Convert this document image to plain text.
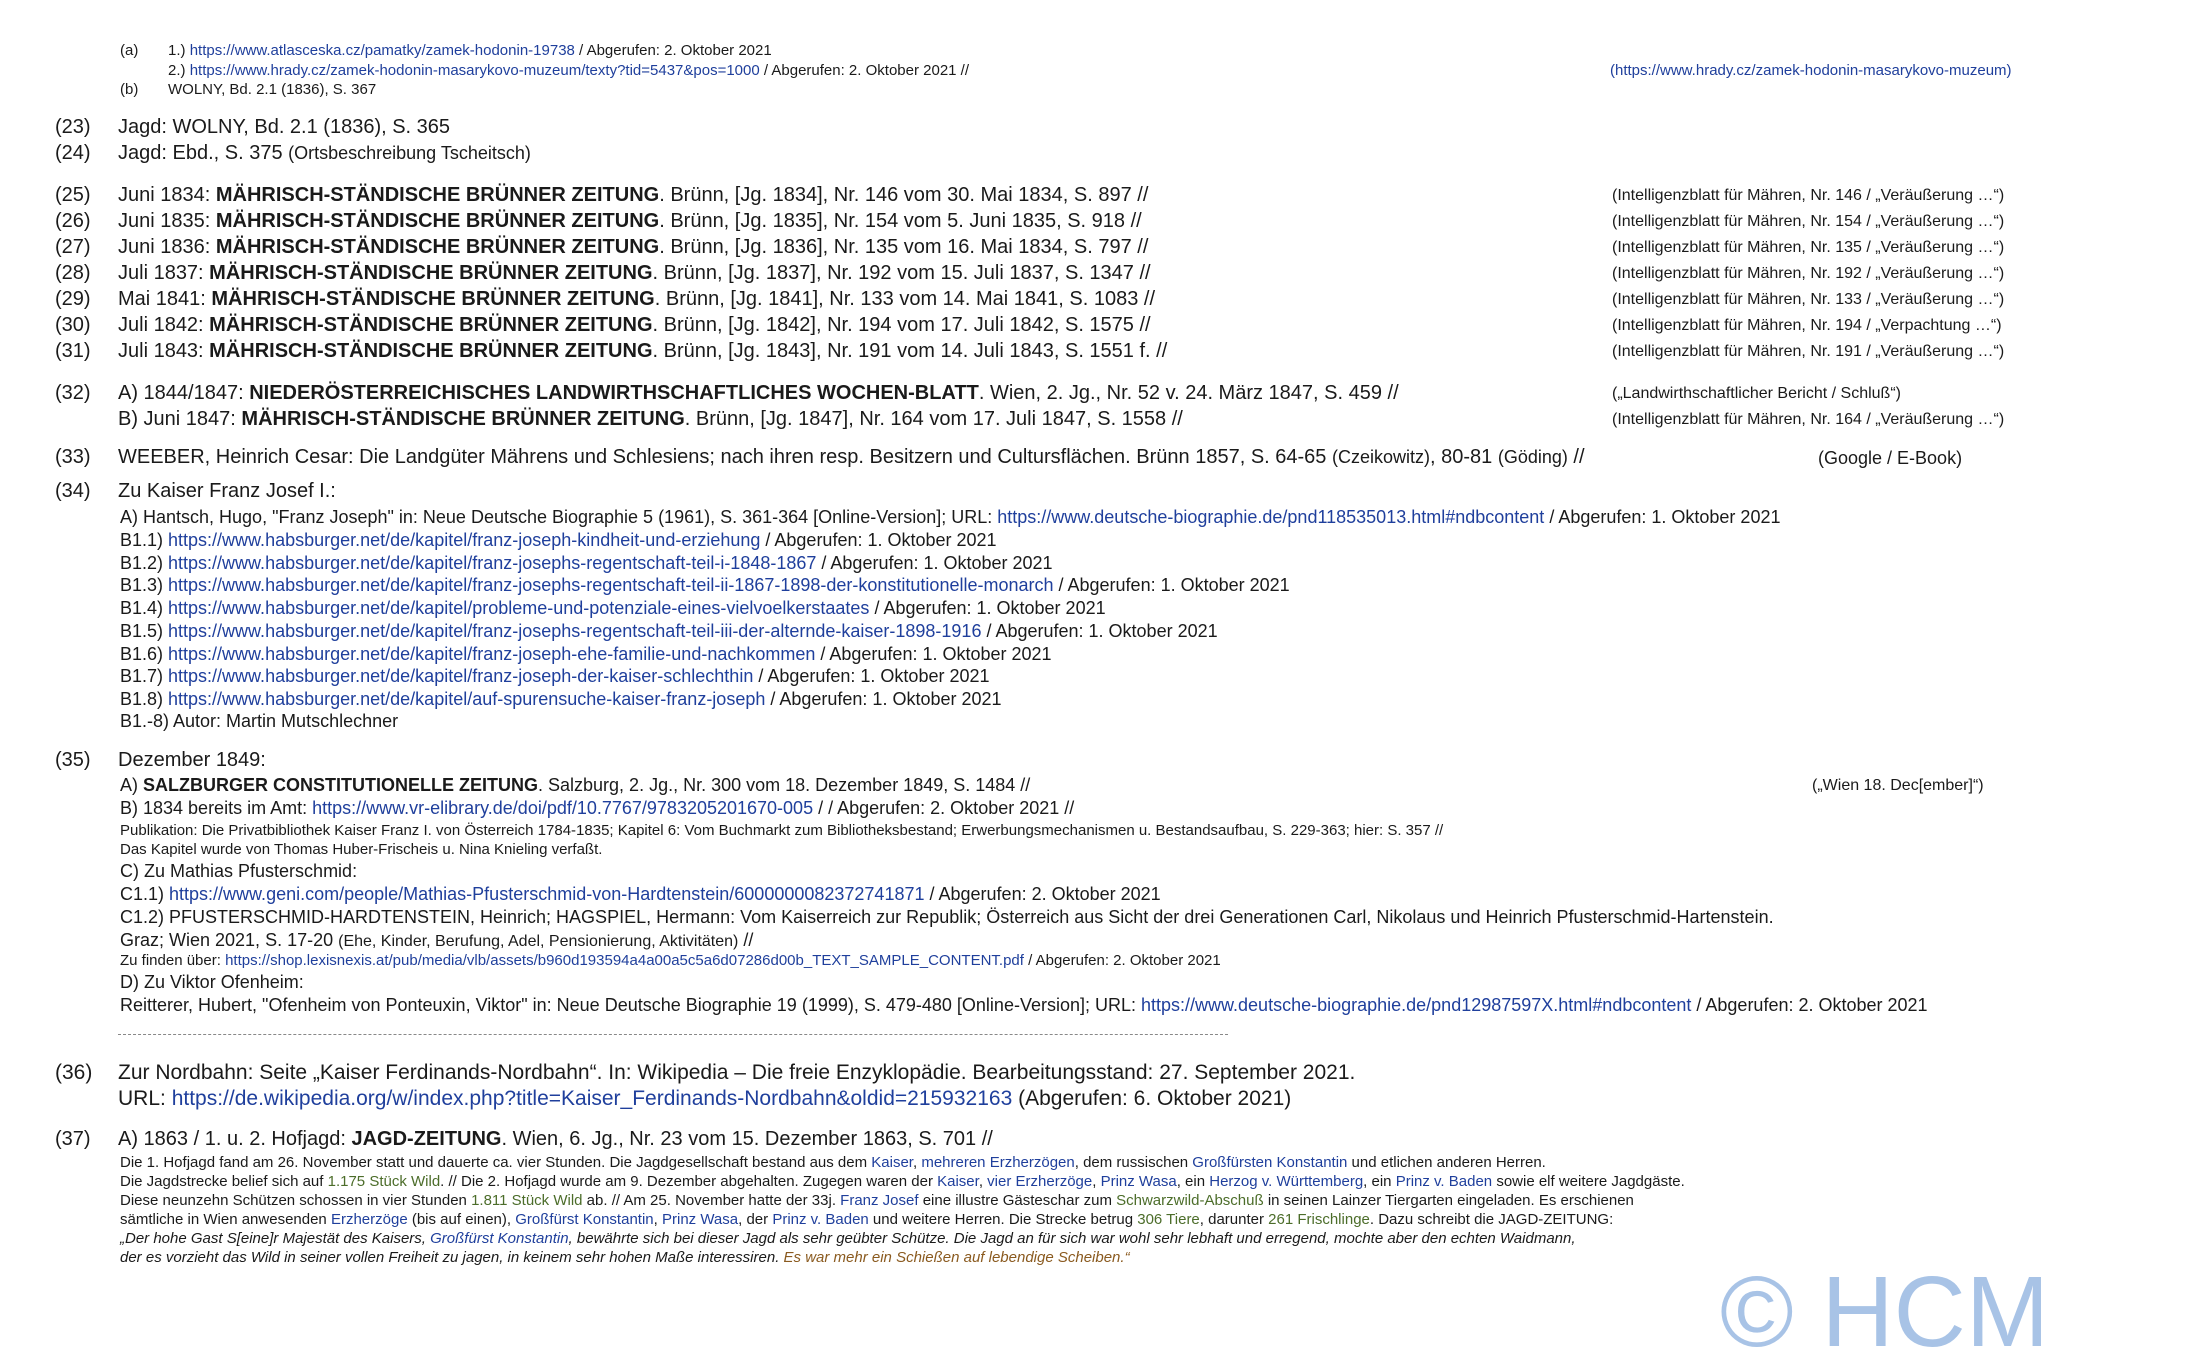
(a) 1.) https://www.atlasceska.cz/pamatky/zamek-hodonin-19738 / Abgerufen: 2. Oktober 2021
2.) https://www.hrady.cz/zamek-hodonin-masarykovo-muzeum/texty?tid=5437&pos=1000 / Abgerufen: 2. Oktober 2021 //	(https://www.hrady.cz/zamek-hodonin-masarykovo-muzeum)
(b) WOLNY, Bd. 2.1 (1836), S. 367
(23) Jagd: WOLNY, Bd. 2.1 (1836), S. 365
(24) Jagd: Ebd., S. 375 (Ortsbeschreibung Tscheitsch)
(25) Juni 1834: MÄHRISCH-STÄNDISCHE BRÜNNER ZEITUNG. Brünn, [Jg. 1834], Nr. 146 vom 30. Mai 1834, S. 897 //	(Intelligenzblatt für Mähren, Nr. 146 / „Veräußerung …“)
(26) Juni 1835: MÄHRISCH-STÄNDISCHE BRÜNNER ZEITUNG. Brünn, [Jg. 1835], Nr. 154 vom 5. Juni 1835, S. 918 //	(Intelligenzblatt für Mähren, Nr. 154 / „Veräußerung …“)
(27) Juni 1836: MÄHRISCH-STÄNDISCHE BRÜNNER ZEITUNG. Brünn, [Jg. 1836], Nr. 135 vom 16. Mai 1834, S. 797 //	(Intelligenzblatt für Mähren, Nr. 135 / „Veräußerung …“)
(28) Juli 1837: MÄHRISCH-STÄNDISCHE BRÜNNER ZEITUNG. Brünn, [Jg. 1837], Nr. 192 vom 15. Juli 1837, S. 1347 //	(Intelligenzblatt für Mähren, Nr. 192 / „Veräußerung …“)
(29) Mai 1841: MÄHRISCH-STÄNDISCHE BRÜNNER ZEITUNG. Brünn, [Jg. 1841], Nr. 133 vom 14. Mai 1841, S. 1083 //	(Intelligenzblatt für Mähren, Nr. 133 / „Veräußerung …“)
(30) Juli 1842: MÄHRISCH-STÄNDISCHE BRÜNNER ZEITUNG. Brünn, [Jg. 1842], Nr. 194 vom 17. Juli 1842, S. 1575 //	(Intelligenzblatt für Mähren, Nr. 194 / „Verpachtung …“)
(31) Juli 1843: MÄHRISCH-STÄNDISCHE BRÜNNER ZEITUNG. Brünn, [Jg. 1843], Nr. 191 vom 14. Juli 1843, S. 1551 f. //	(Intelligenzblatt für Mähren, Nr. 191 / „Veräußerung …“)
(32) A) 1844/1847: NIEDERÖSTERREICHISCHES LANDWIRTHSCHAFTLICHES WOCHEN-BLATT. Wien, 2. Jg., Nr. 52 v. 24. März 1847, S. 459 //	(„Landwirthschaftlicher Bericht / Schluß“)
B) Juni 1847: MÄHRISCH-STÄNDISCHE BRÜNNER ZEITUNG. Brünn, [Jg. 1847], Nr. 164 vom 17. Juli 1847, S. 1558 //	(Intelligenzblatt für Mähren, Nr. 164 / „Veräußerung …“)
(33) WEEBER, Heinrich Cesar: Die Landgüter Mährens und Schlesiens; nach ihren resp. Besitzern und Cultursflächen. Brünn 1857, S. 64-65 (Czeikowitz), 80-81 (Göding) //	(Google / E-Book)
(34) Zu Kaiser Franz Josef I.:
A) Hantsch, Hugo, "Franz Joseph" in: Neue Deutsche Biographie 5 (1961), S. 361-364 [Online-Version]; URL: https://www.deutsche-biographie.de/pnd118535013.html#ndbcontent / Abgerufen: 1. Oktober 2021
B1.1) https://www.habsburger.net/de/kapitel/franz-joseph-kindheit-und-erziehung / Abgerufen: 1. Oktober 2021
B1.2) https://www.habsburger.net/de/kapitel/franz-josephs-regentschaft-teil-i-1848-1867 / Abgerufen: 1. Oktober 2021
B1.3) https://www.habsburger.net/de/kapitel/franz-josephs-regentschaft-teil-ii-1867-1898-der-konstitutionelle-monarch / Abgerufen: 1. Oktober 2021
B1.4) https://www.habsburger.net/de/kapitel/probleme-und-potenziale-eines-vielvoelkerstaates / Abgerufen: 1. Oktober 2021
B1.5) https://www.habsburger.net/de/kapitel/franz-josephs-regentschaft-teil-iii-der-alternde-kaiser-1898-1916 / Abgerufen: 1. Oktober 2021
B1.6) https://www.habsburger.net/de/kapitel/franz-joseph-ehe-familie-und-nachkommen / Abgerufen: 1. Oktober 2021
B1.7) https://www.habsburger.net/de/kapitel/franz-joseph-der-kaiser-schlechthin / Abgerufen: 1. Oktober 2021
B1.8) https://www.habsburger.net/de/kapitel/auf-spurensuche-kaiser-franz-joseph / Abgerufen: 1. Oktober 2021
B1.-8) Autor: Martin Mutschlechner
(35) Dezember 1849:
A) SALZBURGER CONSTITUTIONELLE ZEITUNG. Salzburg, 2. Jg., Nr. 300 vom 18. Dezember 1849, S. 1484 //	(„Wien 18. Dec[ember]“)
B) 1834 bereits im Amt: https://www.vr-elibrary.de/doi/pdf/10.7767/9783205201670-005 / / Abgerufen: 2. Oktober 2021 //
Publikation: Die Privatbibliothek Kaiser Franz I. von Österreich 1784-1835; Kapitel 6: Vom Buchmarkt zum Bibliotheksbestand; Erwerbungsmechanismen u. Bestandsaufbau, S. 229-363; hier: S. 357 //
Das Kapitel wurde von Thomas Huber-Frischeis u. Nina Knieling verfaßt.
C) Zu Mathias Pfusterschmid:
C1.1) https://www.geni.com/people/Mathias-Pfusterschmid-von-Hardtenstein/6000000082372741871 / Abgerufen: 2. Oktober 2021
C1.2) PFUSTERSCHMID-HARDTENSTEIN, Heinrich; HAGSPIEL, Hermann: Vom Kaiserreich zur Republik; Österreich aus Sicht der drei Generationen Carl, Nikolaus und Heinrich Pfusterschmid-Hartenstein.
Graz; Wien 2021, S. 17-20 (Ehe, Kinder, Berufung, Adel, Pensionierung, Aktivitäten) //
Zu finden über: https://shop.lexisnexis.at/pub/media/vlb/assets/b960d193594a4a00a5c5a6d07286d00b_TEXT_SAMPLE_CONTENT.pdf / Abgerufen: 2. Oktober 2021
D) Zu Viktor Ofenheim:
Reitterer, Hubert, "Ofenheim von Ponteuxin, Viktor" in: Neue Deutsche Biographie 19 (1999), S. 479-480 [Online-Version]; URL: https://www.deutsche-biographie.de/pnd12987597X.html#ndbcontent / Abgerufen: 2. Oktober 2021
(36) Zur Nordbahn: Seite „Kaiser Ferdinands-Nordbahn“. In: Wikipedia – Die freie Enzyklopädie. Bearbeitungsstand: 27. September 2021.
URL: https://de.wikipedia.org/w/index.php?title=Kaiser_Ferdinands-Nordbahn&oldid=215932163 (Abgerufen: 6. Oktober 2021)
(37) A) 1863 / 1. u. 2. Hofjagd: JAGD-ZEITUNG. Wien, 6. Jg., Nr. 23 vom 15. Dezember 1863, S. 701 //
Die 1. Hofjagd fand am 26. November statt und dauerte ca. vier Stunden. Die Jagdgesellschaft bestand aus dem Kaiser, mehreren Erzherzögen, dem russischen Großfürsten Konstantin und etlichen anderen Herren.
Die Jagdstrecke belief sich auf 1.175 Stück Wild. // Die 2. Hofjagd wurde am 9. Dezember abgehalten. Zugegen waren der Kaiser, vier Erzherzöge, Prinz Wasa, ein Herzog v. Württemberg, ein Prinz v. Baden sowie elf weitere Jagdgäste.
Diese neunzehn Schützen schossen in vier Stunden 1.811 Stück Wild ab. // Am 25. November hatte der 33j. Franz Josef eine illustre Gästeschar zum Schwarzwild-Abschuß in seinen Lainzer Tiergarten eingeladen. Es erschienen
sämtliche in Wien anwesenden Erzherzöge (bis auf einen), Großfürst Konstantin, Prinz Wasa, der Prinz v. Baden und weitere Herren. Die Strecke betrug 306 Tiere, darunter 261 Frischlinge. Dazu schreibt die JAGD-ZEITUNG:
„Der hohe Gast S[eine]r Majestät des Kaisers, Großfürst Konstantin, bewährte sich bei dieser Jagd als sehr geübter Schütze. Die Jagd an für sich war wohl sehr lebhaft und erregend, mochte aber den echten Waidmann,
der es vorzieht das Wild in seiner vollen Freiheit zu jagen, in keinem sehr hohen Maße interessiren. Es war mehr ein Schießen auf lebendige Scheiben.“	© HCM
